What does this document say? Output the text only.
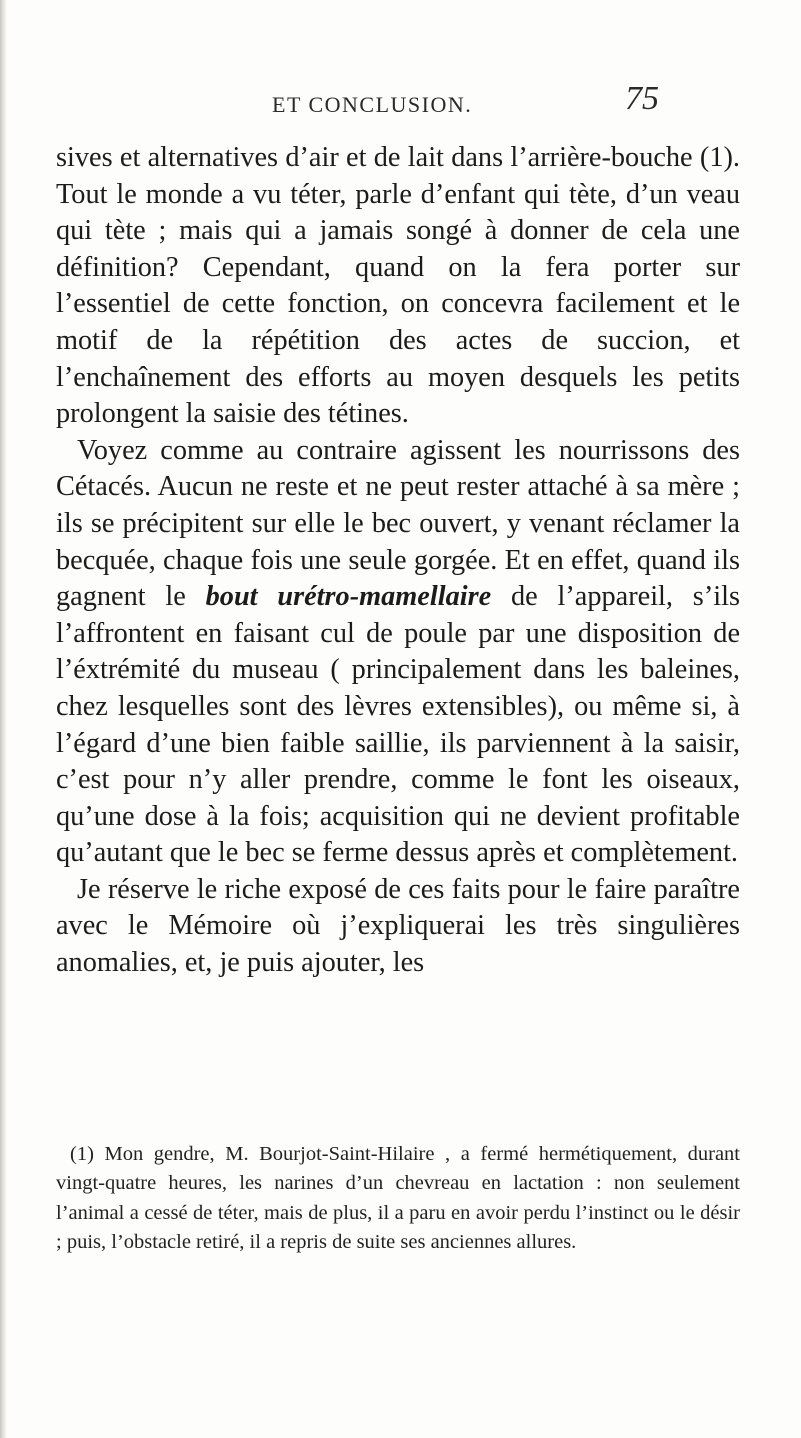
ET CONCLUSION.	75

sives et alternatives d’air et de lait dans l’arrière-bouche (1). Tout le monde a vu téter, parle d’enfant qui tète, d’un veau qui tète ; mais qui a jamais songé à donner de cela une définition? Cependant, quand on la fera porter sur l’essentiel de cette fonction, on concevra facilement et le motif de la répétition des actes de succion, et l’enchaînement des efforts au moyen desquels les petits prolongent la saisie des tétines.

Voyez comme au contraire agissent les nourrissons des Cétacés. Aucun ne reste et ne peut rester attaché à sa mère ; ils se précipitent sur elle le bec ouvert, y venant réclamer la becquée, chaque fois une seule gorgée. Et en effet, quand ils gagnent le bout urétro-mamellaire de l’appareil, s’ils l’affrontent en faisant cul de poule par une disposition de l’éxtrémité du museau ( principalement dans les baleines, chez lesquelles sont des lèvres extensibles), ou même si, à l’égard d’une bien faible saillie, ils parviennent à la saisir, c’est pour n’y aller prendre, comme le font les oiseaux, qu’une dose à la fois; acquisition qui ne devient profitable qu’autant que le bec se ferme dessus après et complètement.

Je réserve le riche exposé de ces faits pour le faire paraître avec le Mémoire où j’expliquerai les très singulières anomalies, et, je puis ajouter, les

(1) Mon gendre, M. Bourjot-Saint-Hilaire , a fermé hermétiquement, durant vingt-quatre heures, les narines d’un chevreau en lactation : non seulement l’animal a cessé de téter, mais de plus, il a paru en avoir perdu l’instinct ou le désir ; puis, l’obstacle retiré, il a repris de suite ses anciennes allures.
